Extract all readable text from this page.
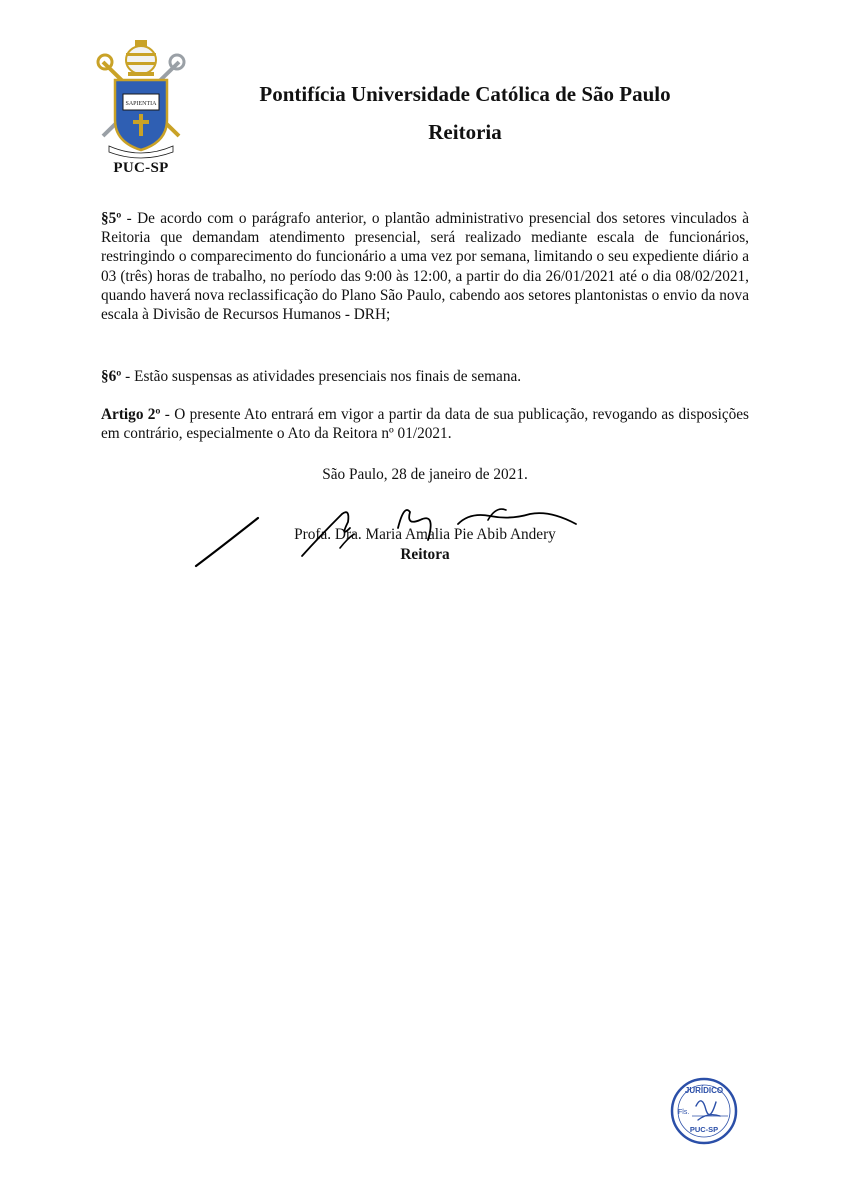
SAPIENTIA
PUC-SP
Pontifícia Universidade Católica de São Paulo
Reitoria

§5º - De acordo com o parágrafo anterior, o plantão administrativo presencial dos setores vinculados à Reitoria que demandam atendimento presencial, será realizado mediante escala de funcionários, restringindo o comparecimento do funcionário a uma vez por semana, limitando o seu expediente diário a 03 (três) horas de trabalho, no período das 9:00 às 12:00, a partir do dia 26/01/2021 até o dia 08/02/2021, quando haverá nova reclassificação do Plano São Paulo, cabendo aos setores plantonistas o envio da nova escala à Divisão de Recursos Humanos - DRH;

§6º - Estão suspensas as atividades presenciais nos finais de semana.

Artigo 2º - O presente Ato entrará em vigor a partir da data de sua publicação, revogando as disposições em contrário, especialmente o Ato da Reitora nº 01/2021.

São Paulo, 28 de janeiro de 2021.
Profa. Dra. Maria Amalia Pie Abib Andery
Reitora
JURÍDICO
Fls.
PUC-SP
